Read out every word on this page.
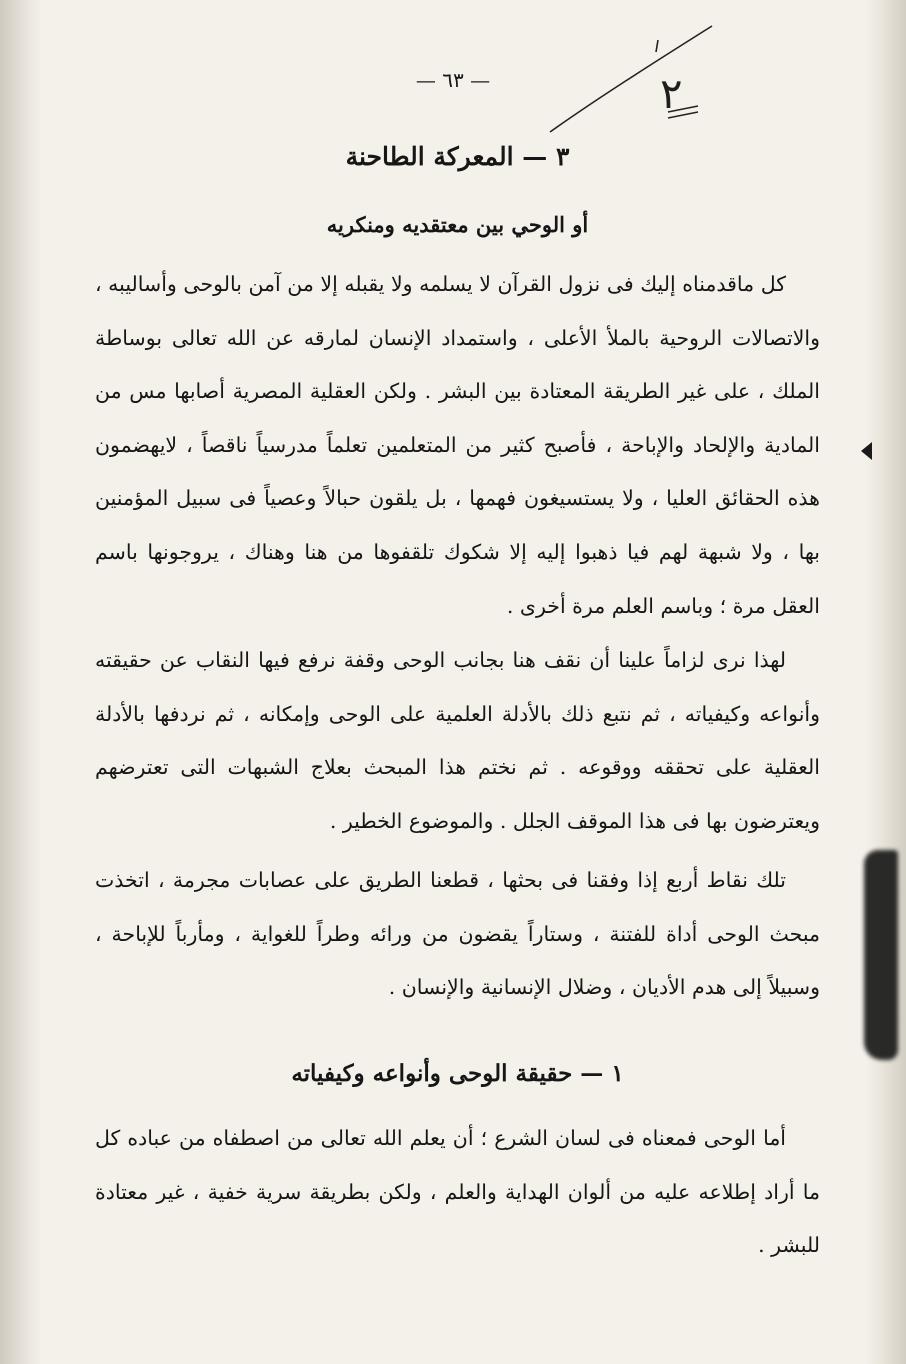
— ٦٣ —	٢
٣ — المعركة الطاحنة
أو الوحي بين معتقديه ومنكريه

كل ماقدمناه إليك فى نزول القرآن لا يسلمه ولا يقبله إلا من آمن بالوحى وأساليبه ، والاتصالات الروحية بالملأ الأعلى ، واستمداد الإنسان لمارقه عن الله تعالى بوساطة الملك ، على غير الطريقة المعتادة بين البشر . ولكن العقلية المصرية أصابها مس من المادية والإلحاد والإباحة ، فأصبح كثير من المتعلمين تعلماً مدرسياً ناقصاً ، لايهضمون هذه الحقائق العليا ، ولا يستسيغون فهمها ، بل يلقون حبالاً وعصياً فى سبيل المؤمنين بها ، ولا شبهة لهم فيا ذهبوا إليه إلا شكوك تلقفوها من هنا وهناك ، يروجونها باسم العقل مرة ؛ وباسم العلم مرة أخرى .

لهذا نرى لزاماً علينا أن نقف هنا بجانب الوحى وقفة نرفع فيها النقاب عن حقيقته وأنواعه وكيفياته ، ثم نتبع ذلك بالأدلة العلمية على الوحى وإمكانه ، ثم نردفها بالأدلة العقلية على تحققه ووقوعه . ثم نختم هذا المبحث بعلاج الشبهات التى تعترضهم ويعترضون بها فى هذا الموقف الجلل . والموضوع الخطير .

تلك نقاط أربع إذا وفقنا فى بحثها ، قطعنا الطريق على عصابات مجرمة ، اتخذت مبحث الوحى أداة للفتنة ، وستاراً يقضون من ورائه وطراً للغواية ، ومأرباً للإباحة ، وسبيلاً إلى هدم الأديان ، وضلال الإنسانية والإنسان .

١ — حقيقة الوحى وأنواعه وكيفياته

أما الوحى فمعناه فى لسان الشرع ؛ أن يعلم الله تعالى من اصطفاه من عباده كل ما أراد إطلاعه عليه من ألوان الهداية والعلم ، ولكن بطريقة سرية خفية ، غير معتادة للبشر .
